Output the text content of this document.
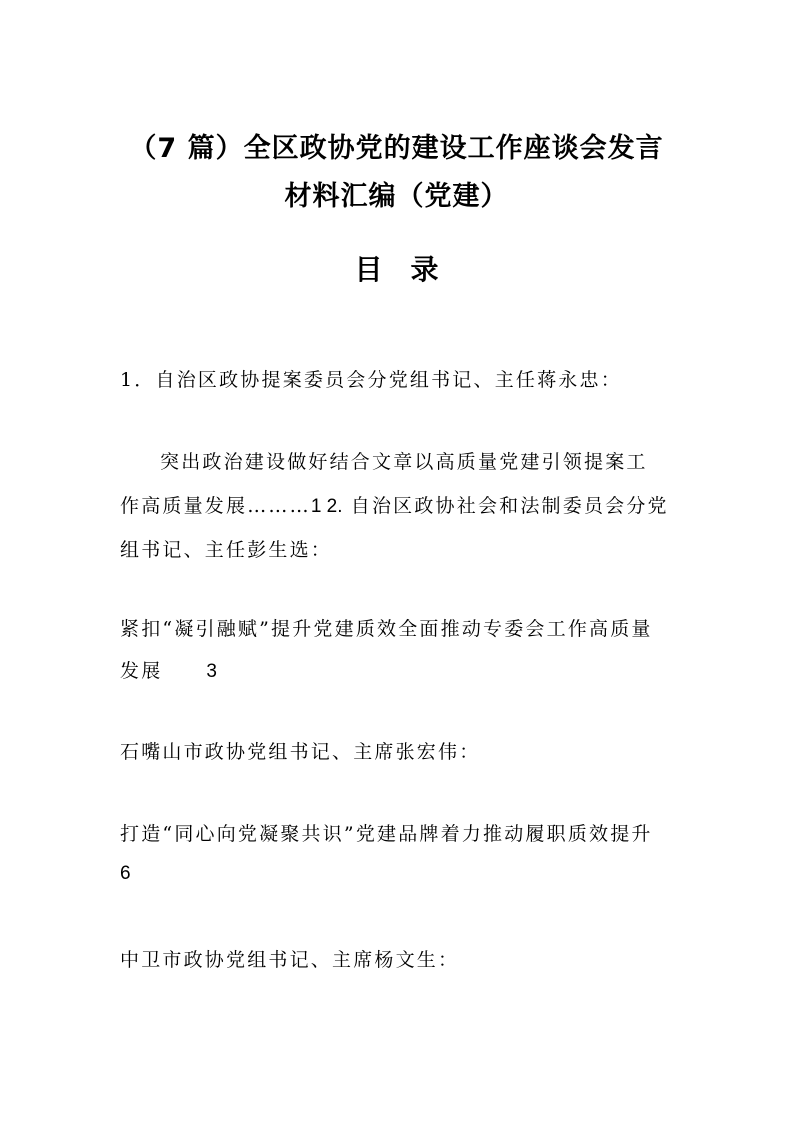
（7 篇）全区政协党的建设工作座谈会发言
材料汇编（党建）
目录
1．自治区政协提案委员会分党组书记、主任蒋永忠：
突出政治建设做好结合文章以高质量党建引领提案工
作高质量发展………1 2. 自治区政协社会和法制委员会分党
组书记、主任彭生选：
紧扣“凝引融赋”提升党建质效全面推动专委会工作高质量
发展 3
石嘴山市政协党组书记、主席张宏伟：
打造“同心向党凝聚共识”党建品牌着力推动履职质效提升
6
中卫市政协党组书记、主席杨文生：
